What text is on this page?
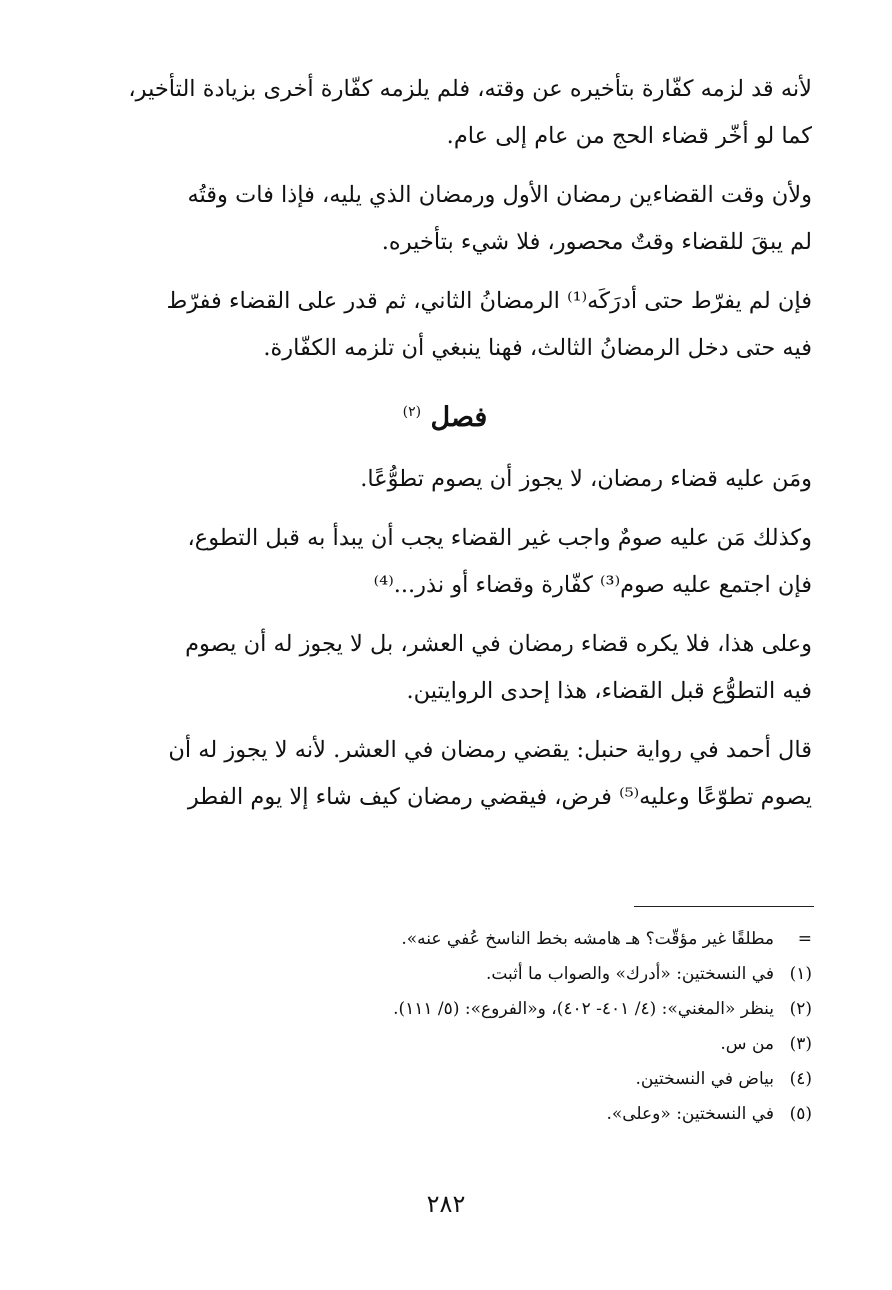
لأنه قد لزمه كفّارة بتأخيره عن وقته، فلم يلزمه كفّارة أخرى بزيادة التأخير،
كما لو أخّر قضاء الحج من عام إلى عام.
ولأن وقت القضاءين رمضان الأول ورمضان الذي يليه، فإذا فات وقتُه
لم يبقَ للقضاء وقتٌ محصور، فلا شيء بتأخيره.
فإن لم يفرّط حتى أدرَكَه⁽¹⁾ الرمضانُ الثاني، ثم قدر على القضاء ففرّط
فيه حتى دخل الرمضانُ الثالث، فهنا ينبغي أن تلزمه الكفّارة.
فصل $^{(٢)}$
ومَن عليه قضاء رمضان، لا يجوز أن يصوم تطوُّعًا.
وكذلك مَن عليه صومٌ واجب غير القضاء يجب أن يبدأ به قبل التطوع،
فإن اجتمع عليه صوم⁽³⁾ كفّارة وقضاء أو نذر...⁽⁴⁾
وعلى هذا، فلا يكره قضاء رمضان في العشر، بل لا يجوز له أن يصوم
فيه التطوُّع قبل القضاء، هذا إحدى الروايتين.
قال أحمد في رواية حنبل: يقضي رمضان في العشر. لأنه لا يجوز له أن
يصوم تطوّعًا وعليه⁽⁵⁾ فرض، فيقضي رمضان كيف شاء إلا يوم الفطر
=
مطلقًا غير مؤقّت؟ هـ هامشه بخط الناسخ عُفي عنه».
(١)
في النسختين: «أدرك» والصواب ما أثبت.
(٢)
ينظر «المغني»: (٤/ ٤٠١- ٤٠٢)، و«الفروع»: (٥/ ١١١).
(٣)
من س.
(٤)
بياض في النسختين.
(٥)
في النسختين: «وعلى».
٢٨٢
